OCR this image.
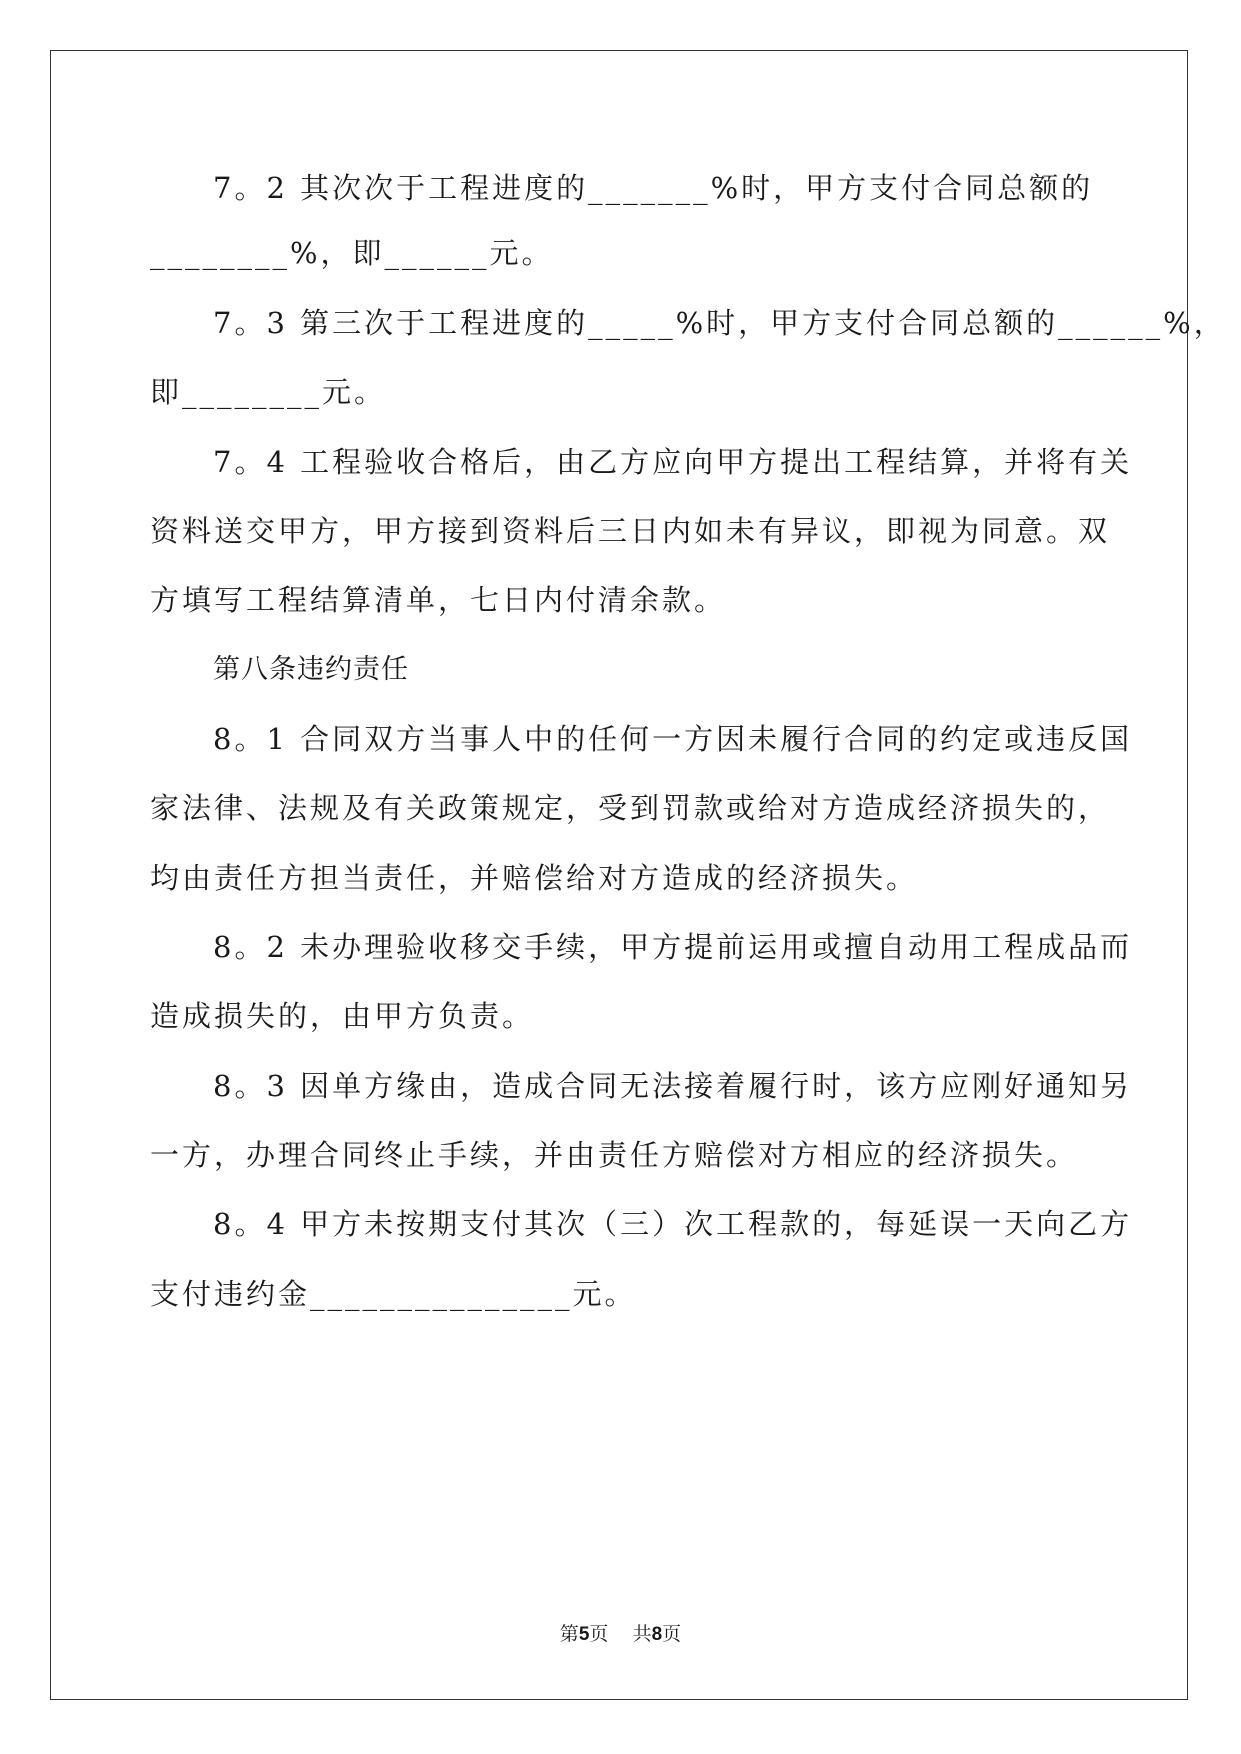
7。2 其次次于工程进度的_______%时，甲方支付合同总额的
________%，即______元。
7。3 第三次于工程进度的_____%时，甲方支付合同总额的______%，
即________元。
7。4 工程验收合格后，由乙方应向甲方提出工程结算，并将有关
资料送交甲方，甲方接到资料后三日内如未有异议，即视为同意。双
方填写工程结算清单，七日内付清余款。
第八条违约责任
8。1 合同双方当事人中的任何一方因未履行合同的约定或违反国
家法律、法规及有关政策规定，受到罚款或给对方造成经济损失的，
均由责任方担当责任，并赔偿给对方造成的经济损失。
8。2 未办理验收移交手续，甲方提前运用或擅自动用工程成品而
造成损失的，由甲方负责。
8。3 因单方缘由，造成合同无法接着履行时，该方应刚好通知另
一方，办理合同终止手续，并由责任方赔偿对方相应的经济损失。
8。4 甲方未按期支付其次（三）次工程款的，每延误一天向乙方
支付违约金_______________元。
第5页 共8页
